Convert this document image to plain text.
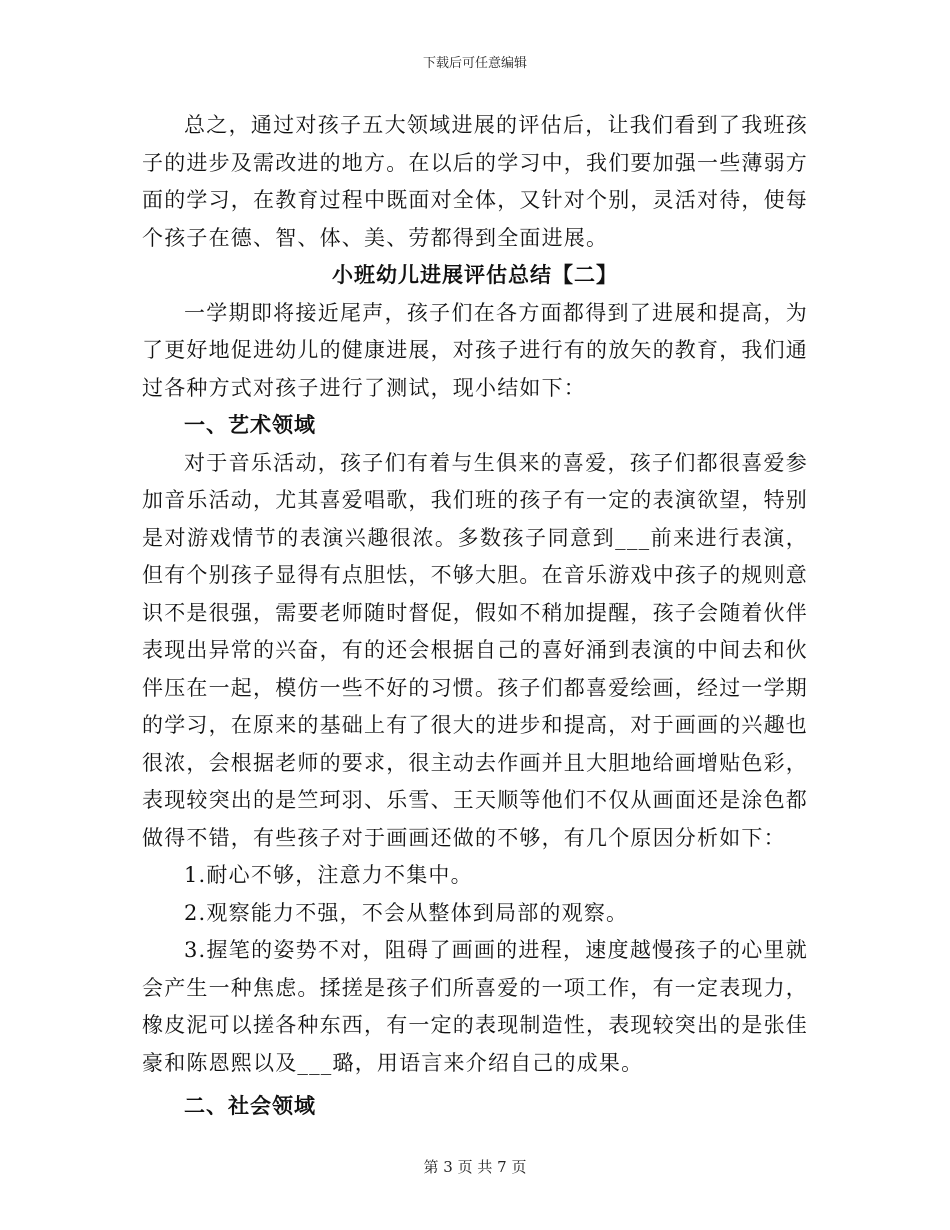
下载后可任意编辑

总之，通过对孩子五大领域进展的评估后，让我们看到了我班孩子的进步及需改进的地方。在以后的学习中，我们要加强一些薄弱方面的学习，在教育过程中既面对全体，又针对个别，灵活对待，使每个孩子在德、智、体、美、劳都得到全面进展。

小班幼儿进展评估总结【二】

一学期即将接近尾声，孩子们在各方面都得到了进展和提高，为了更好地促进幼儿的健康进展，对孩子进行有的放矢的教育，我们通过各种方式对孩子进行了测试，现小结如下：

一、艺术领域

对于音乐活动，孩子们有着与生俱来的喜爱，孩子们都很喜爱参加音乐活动，尤其喜爱唱歌，我们班的孩子有一定的表演欲望，特别是对游戏情节的表演兴趣很浓。多数孩子同意到___前来进行表演，但有个别孩子显得有点胆怯，不够大胆。在音乐游戏中孩子的规则意识不是很强，需要老师随时督促，假如不稍加提醒，孩子会随着伙伴表现出异常的兴奋，有的还会根据自己的喜好涌到表演的中间去和伙伴压在一起，模仿一些不好的习惯。孩子们都喜爱绘画，经过一学期的学习，在原来的基础上有了很大的进步和提高，对于画画的兴趣也很浓，会根据老师的要求，很主动去作画并且大胆地给画增贴色彩，表现较突出的是竺珂羽、乐雪、王天顺等他们不仅从画面还是涂色都做得不错，有些孩子对于画画还做的不够，有几个原因分析如下：

1.耐心不够，注意力不集中。

2.观察能力不强，不会从整体到局部的观察。

3.握笔的姿势不对，阻碍了画画的进程，速度越慢孩子的心里就会产生一种焦虑。揉搓是孩子们所喜爱的一项工作，有一定表现力，橡皮泥可以搓各种东西，有一定的表现制造性，表现较突出的是张佳豪和陈恩熙以及___璐，用语言来介绍自己的成果。

二、社会领域
第 3 页 共 7 页
